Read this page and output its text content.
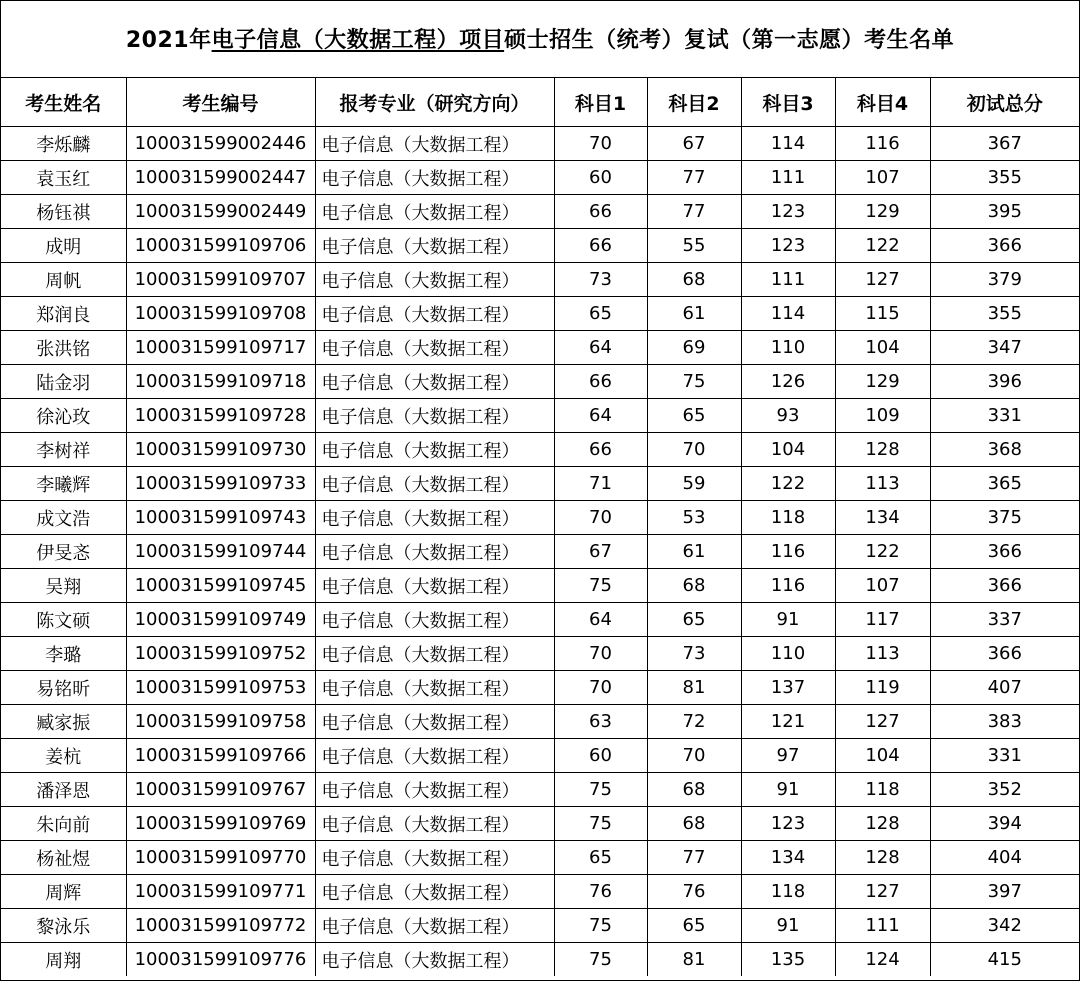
2021年电子信息（大数据工程）项目硕士招生（统考）复试（第一志愿）考生名单
考生姓名	考生编号	报考专业（研究方向）	科目1	科目2	科目3	科目4	初试总分
李烁麟	100031599002446	电子信息（大数据工程）	70	67	114	116	367
袁玉红	100031599002447	电子信息（大数据工程）	60	77	111	107	355
杨钰祺	100031599002449	电子信息（大数据工程）	66	77	123	129	395
成明	100031599109706	电子信息（大数据工程）	66	55	123	122	366
周帆	100031599109707	电子信息（大数据工程）	73	68	111	127	379
郑润良	100031599109708	电子信息（大数据工程）	65	61	114	115	355
张洪铭	100031599109717	电子信息（大数据工程）	64	69	110	104	347
陆金羽	100031599109718	电子信息（大数据工程）	66	75	126	129	396
徐沁玫	100031599109728	电子信息（大数据工程）	64	65	93	109	331
李树祥	100031599109730	电子信息（大数据工程）	66	70	104	128	368
李曦辉	100031599109733	电子信息（大数据工程）	71	59	122	113	365
成文浩	100031599109743	电子信息（大数据工程）	70	53	118	134	375
伊旻忞	100031599109744	电子信息（大数据工程）	67	61	116	122	366
吴翔	100031599109745	电子信息（大数据工程）	75	68	116	107	366
陈文硕	100031599109749	电子信息（大数据工程）	64	65	91	117	337
李璐	100031599109752	电子信息（大数据工程）	70	73	110	113	366
易铭昕	100031599109753	电子信息（大数据工程）	70	81	137	119	407
臧家振	100031599109758	电子信息（大数据工程）	63	72	121	127	383
姜杭	100031599109766	电子信息（大数据工程）	60	70	97	104	331
潘泽恩	100031599109767	电子信息（大数据工程）	75	68	91	118	352
朱向前	100031599109769	电子信息（大数据工程）	75	68	123	128	394
杨祉煜	100031599109770	电子信息（大数据工程）	65	77	134	128	404
周辉	100031599109771	电子信息（大数据工程）	76	76	118	127	397
黎泳乐	100031599109772	电子信息（大数据工程）	75	65	91	111	342
周翔	100031599109776	电子信息（大数据工程）	75	81	135	124	415
